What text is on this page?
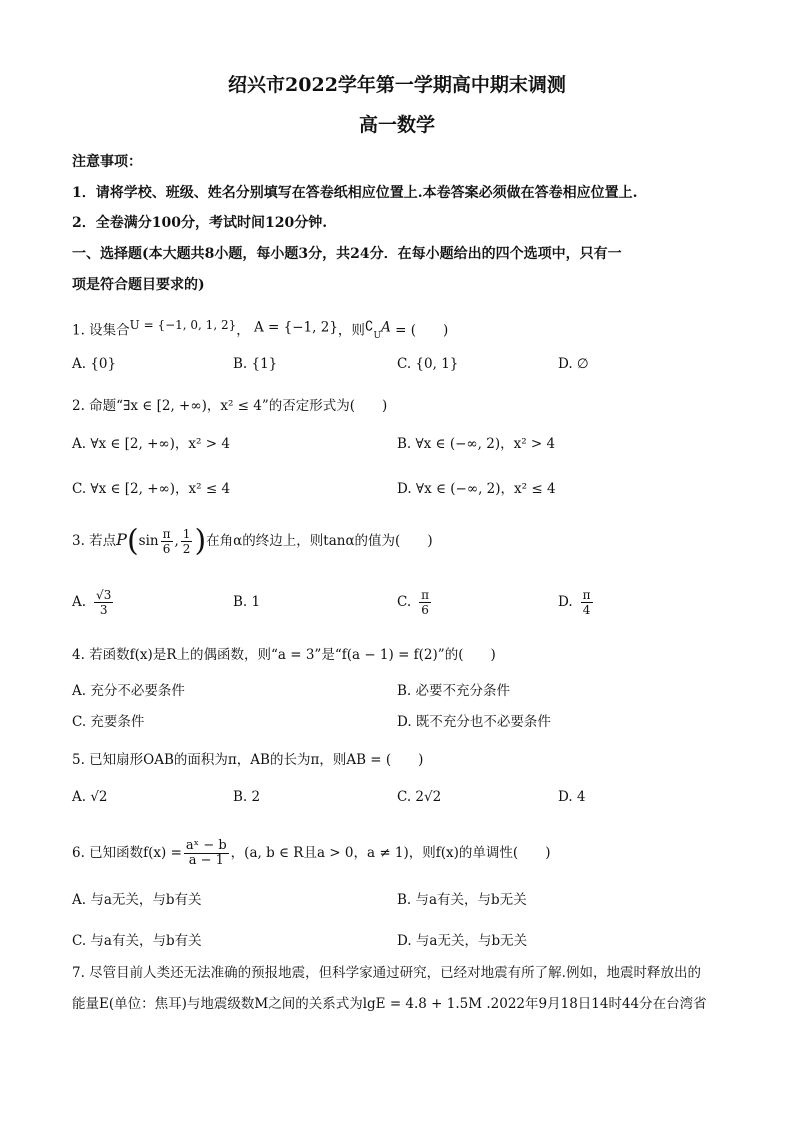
绍兴市2022学年第一学期高中期末调测
高一数学
注意事项：
1．请将学校、班级、姓名分别填写在答卷纸相应位置上.本卷答案必须做在答卷相应位置上.
2．全卷满分100分，考试时间120分钟.
一、选择题(本大题共8小题，每小题3分，共24分．在每小题给出的四个选项中，只有一
项是符合题目要求的)
1. 设集合$^{U = \{-1, 0, 1, 2\}}$， A = {−1, 2}，则$∁_UA$ = (　　)
A. {0}	B. {1}	C. {0, 1}	D. ∅
2. 命题“∃x ∈ [2, +∞)，x² ≤ 4”的否定形式为(　　)
A. ∀x ∈ [2, +∞)，x² > 4	B. ∀x ∈ (−∞, 2)，x² > 4
C. ∀x ∈ [2, +∞)，x² ≤ 4	D. ∀x ∈ (−∞, 2)，x² ≤ 4
3. 若点$P(\sin \frac{\pi}{6}$ , $\frac{1}{2}$ )在角α的终边上，则tanα的值为(　　)
A. $\frac{√3}{3}$	B. 1	C. $\frac{\pi}{6}$	D. $\frac{\pi}{4}$
4. 若函数f(x)是R上的偶函数，则“a = 3”是“f(a − 1) = f(2)”的(　　)
A. 充分不必要条件	B. 必要不充分条件
C. 充要条件	D. 既不充分也不必要条件
5. 已知扇形OAB的面积为π，AB的长为π，则AB = (　　)
A. √2	B. 2	C. 2√2	D. 4
6. 已知函数$f(x) = \frac{\text{aˣ − b}}{a - 1}$ ，(a, b ∈ R且a > 0，a ≠ 1)，则f(x)的单调性(　　)
A. 与a无关，与b有关	B. 与a有关，与b无关
C. 与a有关，与b有关	D. 与a无关，与b无关
7. 尽管目前人类还无法准确的预报地震，但科学家通过研究，已经对地震有所了解.例如，地震时释放出的
能量E(单位：焦耳)与地震级数M之间的关系式为lgE = 4.8 + 1.5M .2022年9月18日14时44分在台湾省
